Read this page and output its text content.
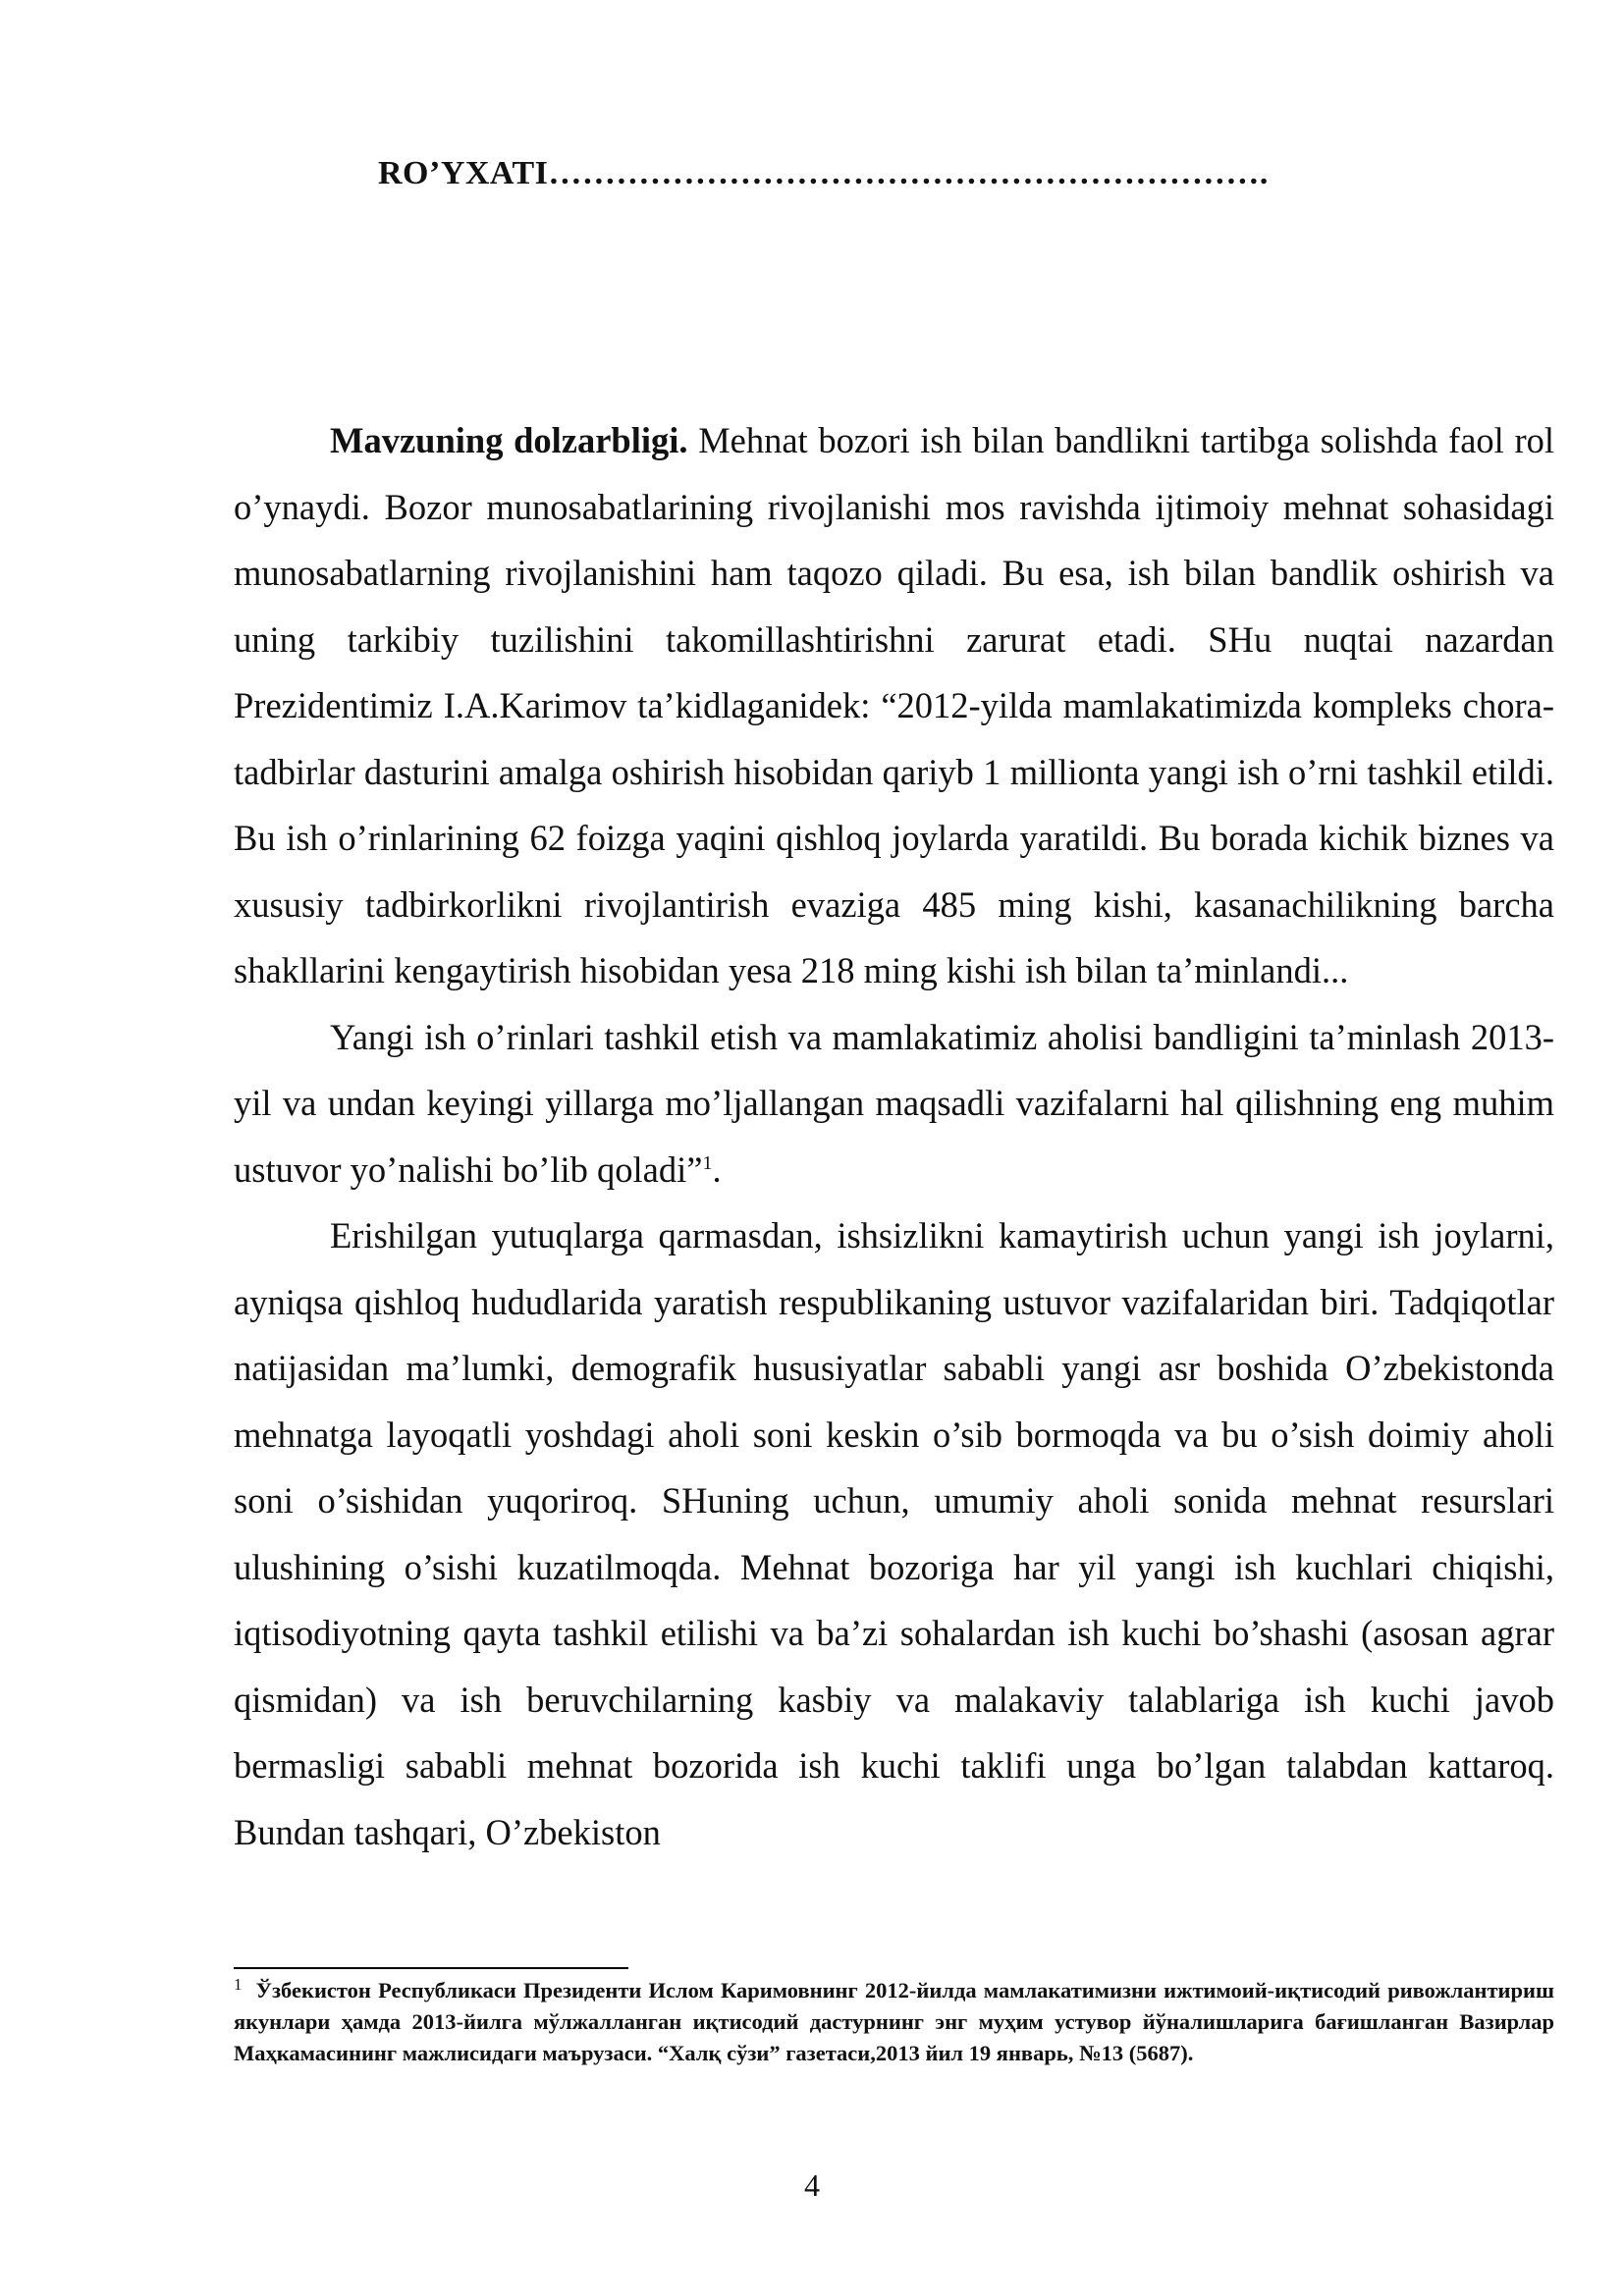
RO’YXATI……………………………………………………….

Mavzuning dolzarbligi. Mehnat bozori ish bilan bandlikni tartibga solishda faol rol o’ynaydi. Bozor munosabatlarining rivojlanishi mos ravishda ijtimoiy mehnat sohasidagi munosabatlarning rivojlanishini ham taqozo qiladi. Bu esa, ish bilan bandlik oshirish va uning tarkibiy tuzilishini takomillashtirishni zarurat etadi. SHu nuqtai nazardan Prezidentimiz I.A.Karimov ta’kidlaganidek: “2012-yilda mamlakatimizda kompleks chora-tadbirlar dasturini amalga oshirish hisobidan qariyb 1 millionta yangi ish o’rni tashkil etildi. Bu ish o’rinlarining 62 foizga yaqini qishloq joylarda yaratildi. Bu borada kichik biznes va xususiy tadbirkorlikni rivojlantirish evaziga 485 ming kishi, kasanachilikning barcha shakllarini kengaytirish hisobidan yesa 218 ming kishi ish bilan ta’minlandi...

Yangi ish o’rinlari tashkil etish va mamlakatimiz aholisi bandligini ta’minlash 2013-yil va undan keyingi yillarga mo’ljallangan maqsadli vazifalarni hal qilishning eng muhim ustuvor yo’nalishi bo’lib qoladi”$^1$.

Erishilgan yutuqlarga qarmasdan, ishsizlikni kamaytirish uchun yangi ish joylarni, ayniqsa qishloq hududlarida yaratish respublikaning ustuvor vazifalaridan biri. Tadqiqotlar natijasidan ma’lumki, demografik hususiyatlar sababli yangi asr boshida O’zbekistonda mehnatga layoqatli yoshdagi aholi soni keskin o’sib bormoqda va bu o’sish doimiy aholi soni o’sishidan yuqoriroq. SHuning uchun, umumiy aholi sonida mehnat resurslari ulushining o’sishi kuzatilmoqda. Mehnat bozoriga har yil yangi ish kuchlari chiqishi, iqtisodiyotning qayta tashkil etilishi va ba’zi sohalardan ish kuchi bo’shashi (asosan agrar qismidan) va ish beruvchilarning kasbiy va malakaviy talablariga ish kuchi javob bermasligi sababli mehnat bozorida ish kuchi taklifi unga bo’lgan talabdan kattaroq. Bundan tashqari, O’zbekiston

$^1$ Ўзбекистон Республикаси Президенти Ислом Каримовнинг 2012-йилда мамлакатимизни ижтимоий-иқтисодий ривожлантириш якунлари ҳамда 2013-йилга мўлжалланган иқтисодий дастурнинг энг муҳим устувор йўналишларига бағишланган Вазирлар Маҳкамасининг мажлисидаги маърузаси. “Халқ сўзи” газетаси,2013 йил 19 январь, №13 (5687).
4
